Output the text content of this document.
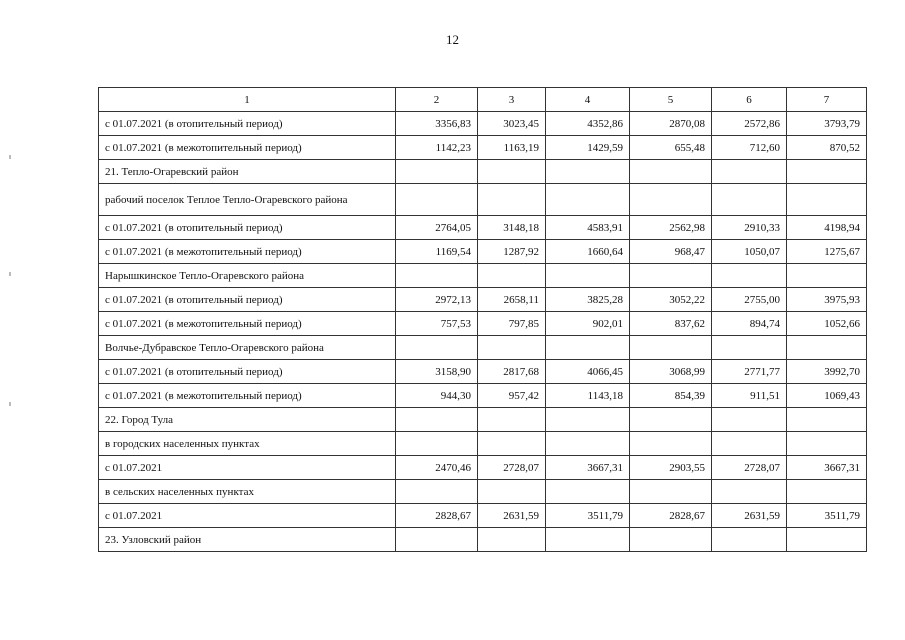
12
1	2	3	4	5	6	7
с 01.07.2021 (в отопительный период)	3356,83	3023,45	4352,86	2870,08	2572,86	3793,79
с 01.07.2021 (в межотопительный период)	1142,23	1163,19	1429,59	655,48	712,60	870,52
21. Тепло-Огаревский район						
рабочий поселок Теплое Тепло-Огаревского района						
с 01.07.2021 (в отопительный период)	2764,05	3148,18	4583,91	2562,98	2910,33	4198,94
с 01.07.2021 (в межотопительный период)	1169,54	1287,92	1660,64	968,47	1050,07	1275,67
Нарышкинское Тепло-Огаревского района						
с 01.07.2021 (в отопительный период)	2972,13	2658,11	3825,28	3052,22	2755,00	3975,93
с 01.07.2021 (в межотопительный период)	757,53	797,85	902,01	837,62	894,74	1052,66
Волчье-Дубравское Тепло-Огаревского района						
с 01.07.2021 (в отопительный период)	3158,90	2817,68	4066,45	3068,99	2771,77	3992,70
с 01.07.2021 (в межотопительный период)	944,30	957,42	1143,18	854,39	911,51	1069,43
22. Город Тула						
в городских населенных пунктах						
с 01.07.2021	2470,46	2728,07	3667,31	2903,55	2728,07	3667,31
в сельских населенных пунктах						
с 01.07.2021	2828,67	2631,59	3511,79	2828,67	2631,59	3511,79
23. Узловский район						
